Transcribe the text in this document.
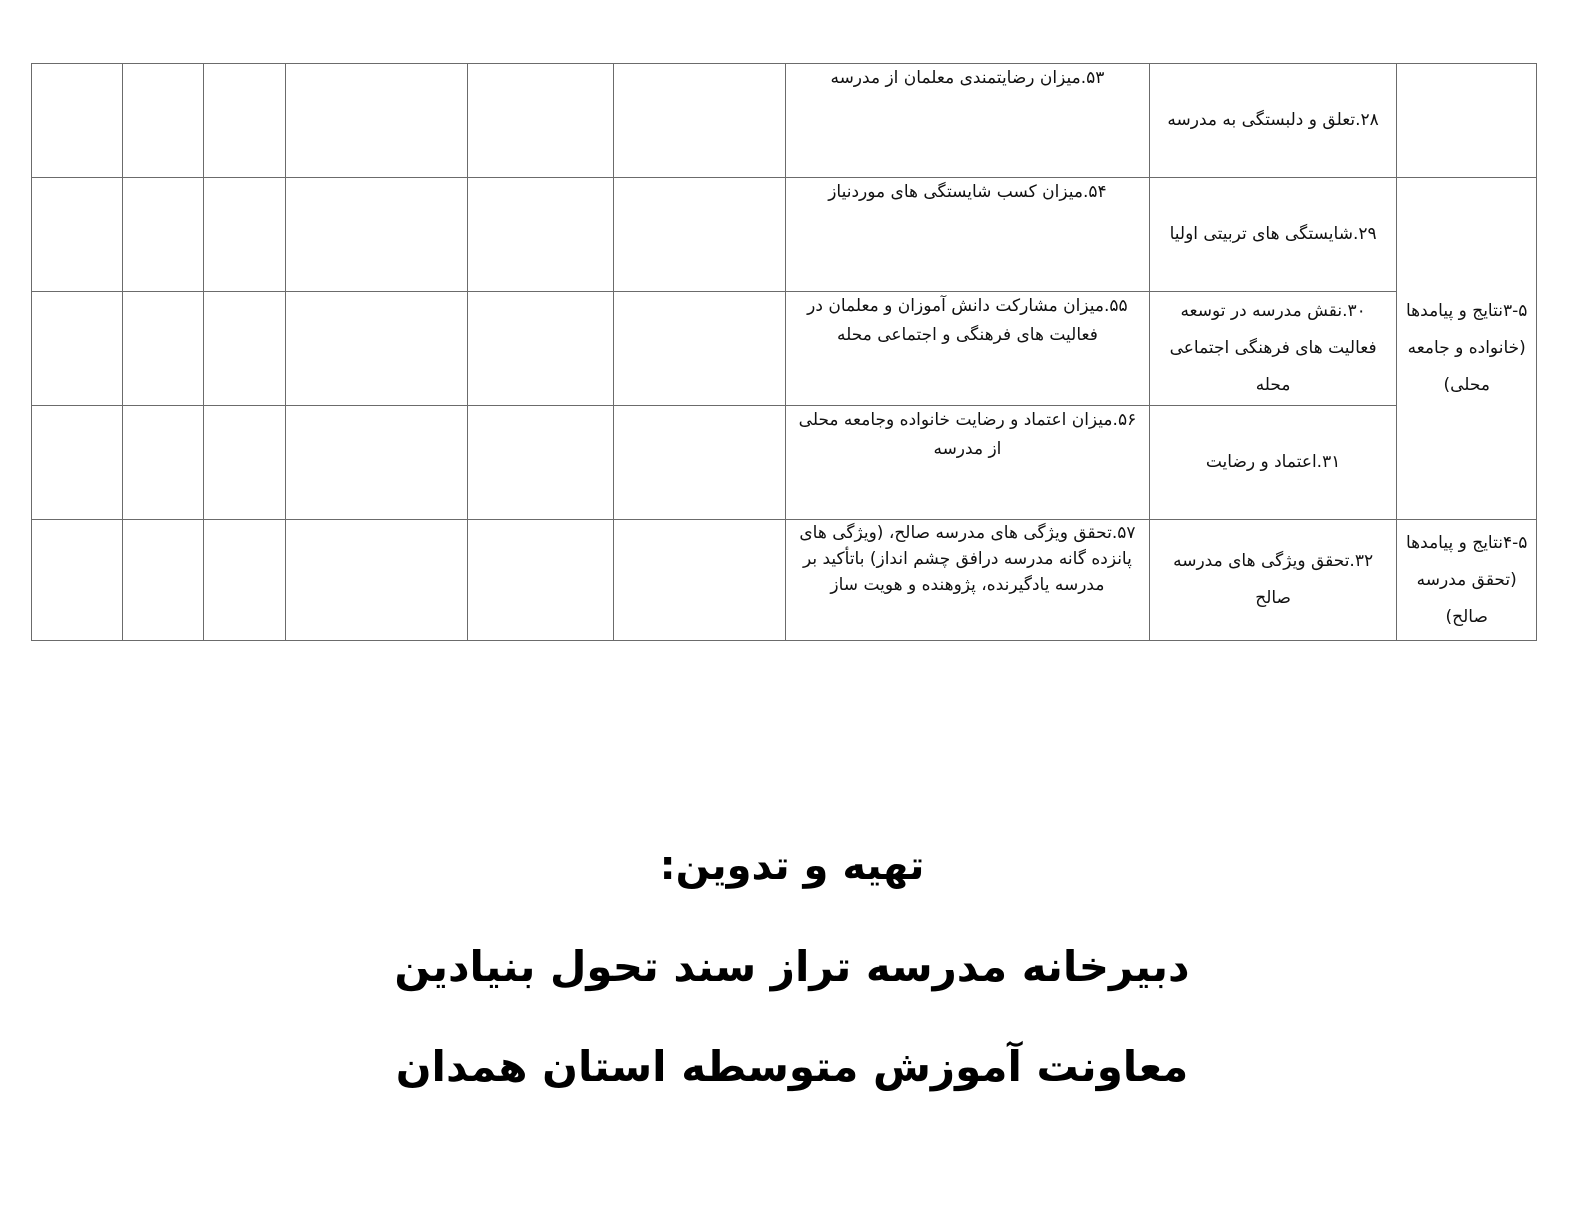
	۲۸.تعلق و دلبستگی به مدرسه	۵۳.میزان رضایتمندی معلمان از مدرسه						

۳-۵نتایج و پیامدها (خانواده و جامعه محلی)	۲۹.شایستگی های تربیتی اولیا	۵۴.میزان کسب شایستگی های موردنیاز						

	۳۰.نقش مدرسه در توسعه فعالیت های فرهنگی اجتماعی محله	۵۵.میزان مشارکت دانش آموزان و معلمان در فعالیت های فرهنگی و اجتماعی محله						

	۳۱.اعتماد و رضایت	۵۶.میزان اعتماد و رضایت خانواده وجامعه محلی از مدرسه						

۴-۵نتایج و پیامدها (تحقق مدرسه صالح)	۳۲.تحقق ویژگی های مدرسه صالح	۵۷.تحقق ویژگی های مدرسه صالح، (ویژگی های پانزده گانه مدرسه درافق چشم انداز) باتأکید بر مدرسه یادگیرنده، پژوهنده و هویت ساز						

تهیه و تدوین:
دبیرخانه مدرسه تراز سند تحول بنیادین
معاونت آموزش متوسطه استان همدان
